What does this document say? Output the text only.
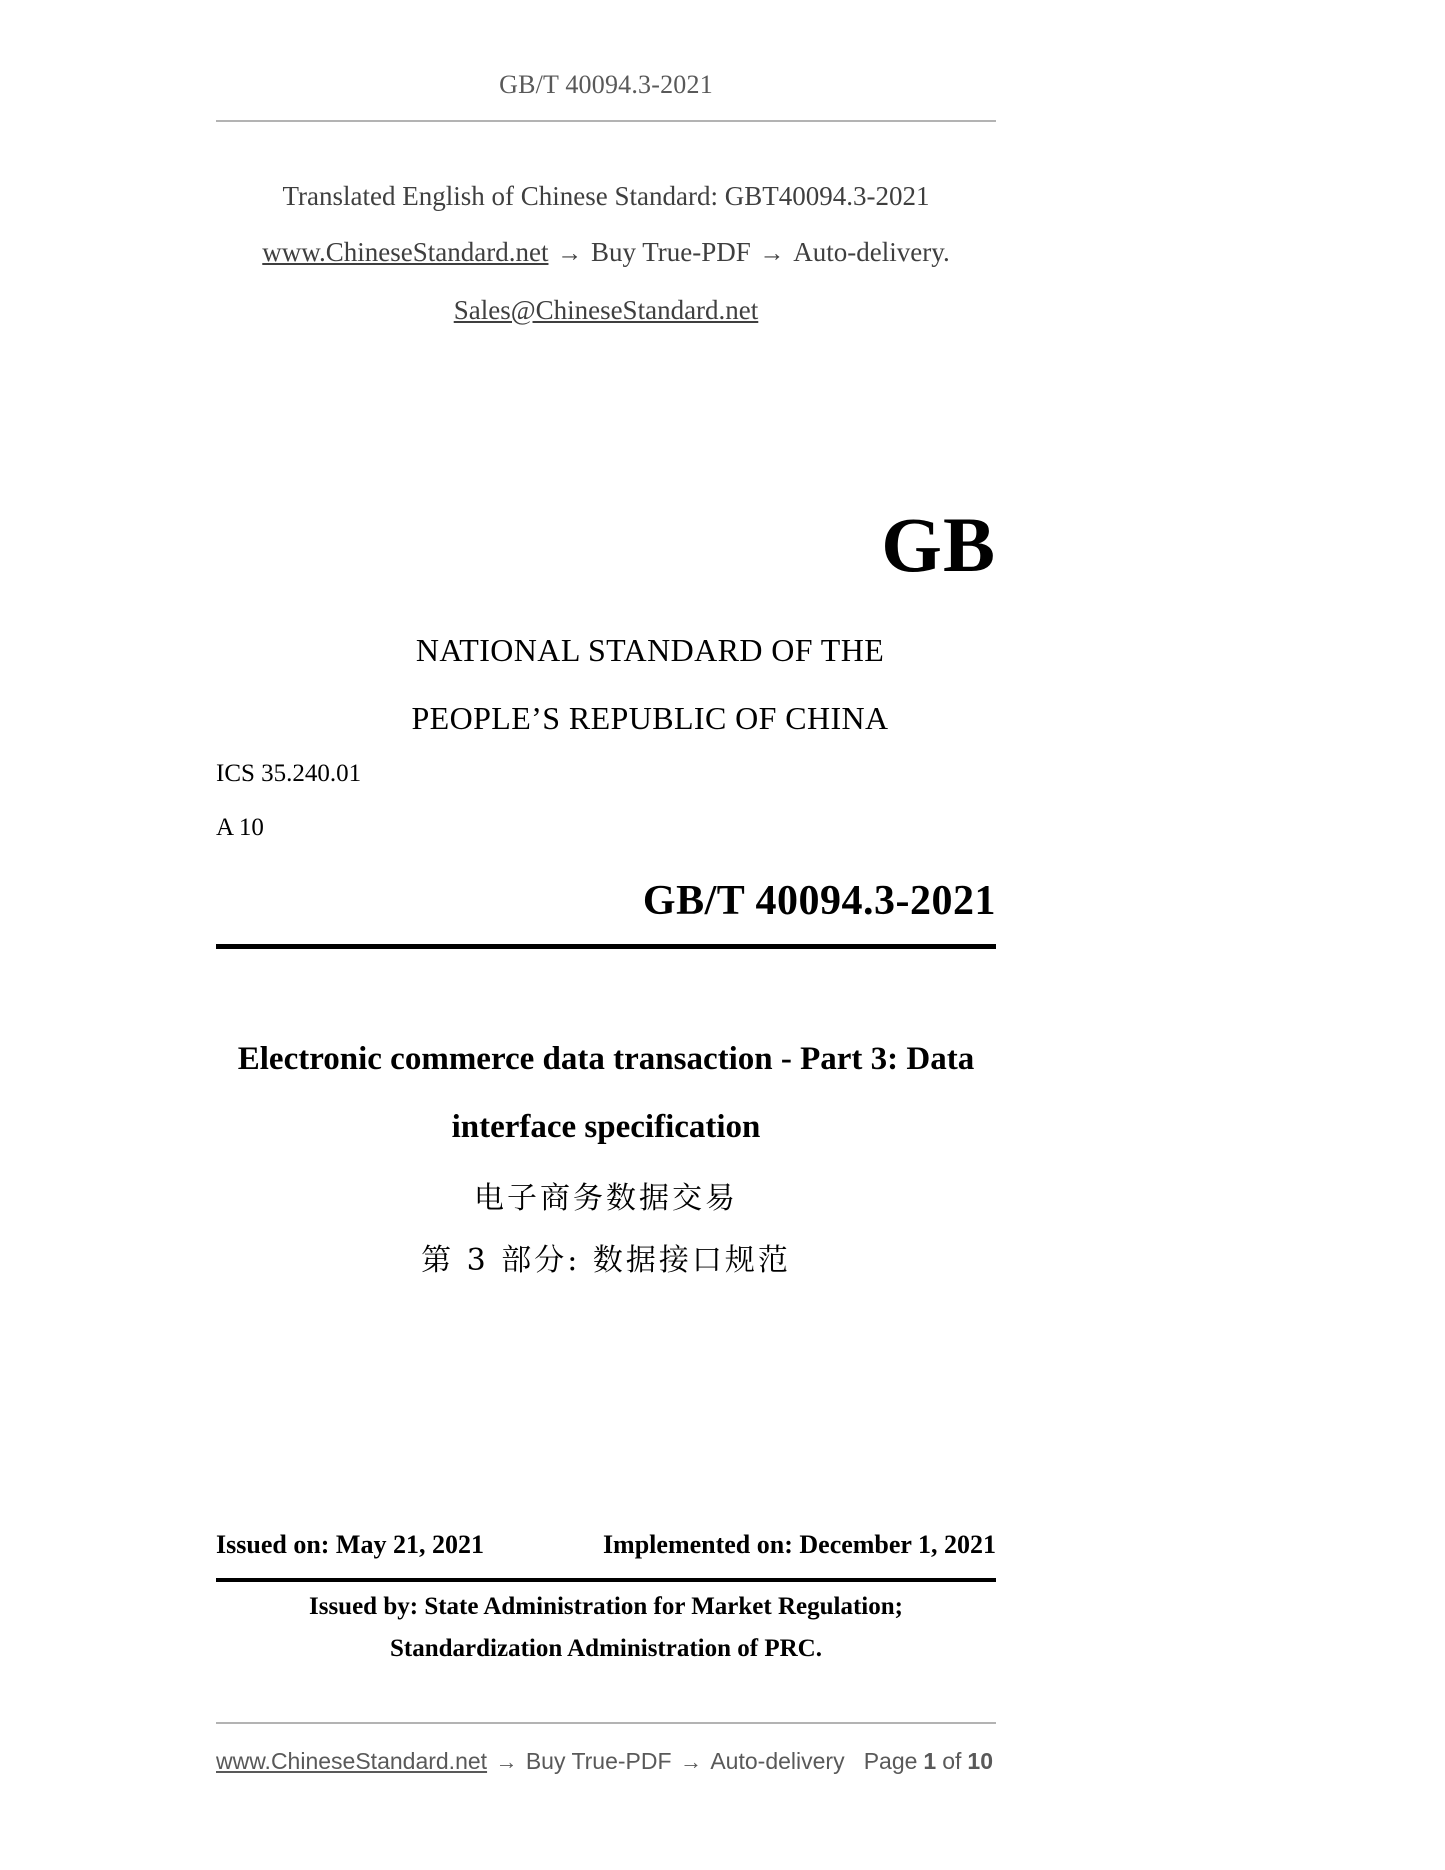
GB/T 40094.3-2021
Translated English of Chinese Standard: GBT40094.3-2021
www.ChineseStandard.net → Buy True-PDF → Auto-delivery.
Sales@ChineseStandard.net
GB
NATIONAL STANDARD OF THE
PEOPLE’S REPUBLIC OF CHINA
ICS 35.240.01
A 10
GB/T 40094.3-2021
Electronic commerce data transaction - Part 3: Data
interface specification
电子商务数据交易
第 3 部分: 数据接口规范
Issued on: May 21, 2021	Implemented on: December 1, 2021
Issued by: State Administration for Market Regulation;
Standardization Administration of PRC.
www.ChineseStandard.net → Buy True-PDF → Auto-delivery Page 1 of 10
